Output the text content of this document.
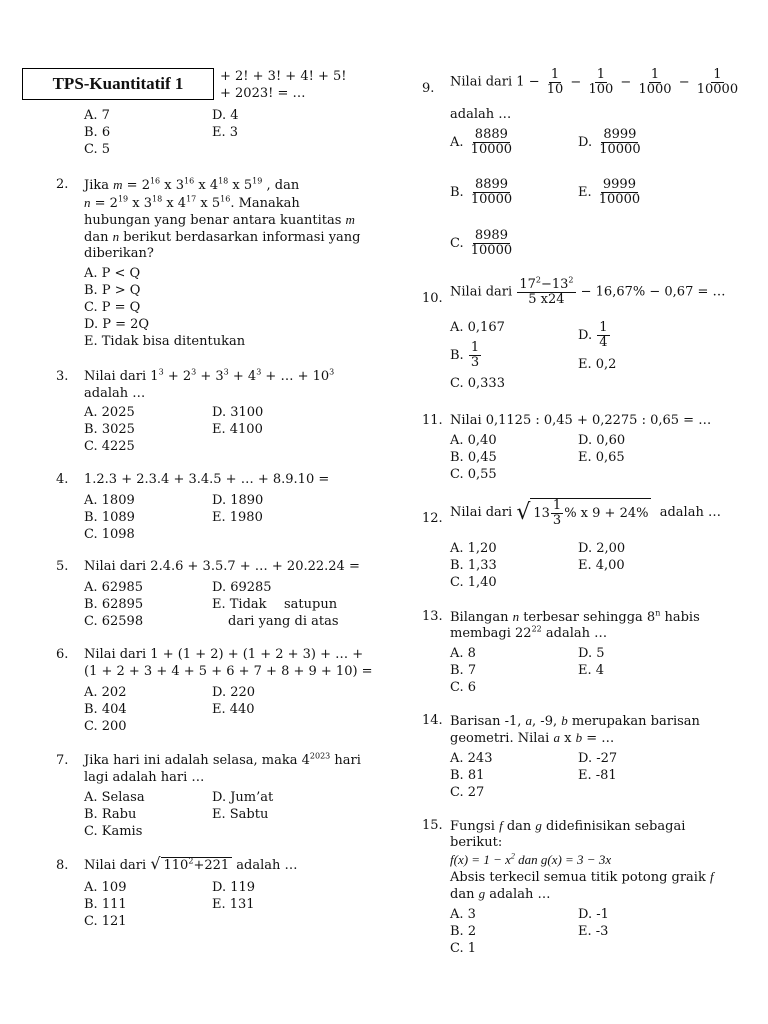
TPS-Kuantitatif 1	+ 2! + 3! + 4! + 5!
+ 2023! = …
A. 7
B. 6
C. 5
D. 4
E. 3
2. Jika $m = 2^{16}$ x $3^{16}$ x $4^{18}$ x $5^{19}$ , dan
$n = 2^{19}$ x $3^{18}$ x $4^{17}$ x $5^{16}$. Manakah
hubungan yang benar antara kuantitas m
dan n berikut berdasarkan informasi yang
diberikan?
A. P < Q
B. P > Q
C. P = Q
D. P = 2Q
E. Tidak bisa ditentukan
3. Nilai dari $1^3 + 2^3 + 3^3 + 4^3$ + … + $10^3$
adalah …
A. 2025
B. 3025
C. 4225
D. 3100
E. 4100
4. 1.2.3 + 2.3.4 + 3.4.5 + … + 8.9.10 =
A. 1809
B. 1089
C. 1098
D. 1890
E. 1980
5. Nilai dari 2.4.6 + 3.5.7 + … + 20.22.24 =
A. 62985
B. 62895
C. 62598
D. 69285
E. Tidak satupun
dari yang di atas
6. Nilai dari 1 + (1 + 2) + (1 + 2 + 3) + … +
(1 + 2 + 3 + 4 + 5 + 6 + 7 + 8 + 9 + 10) =
A. 202
B. 404
C. 200
D. 220
E. 440
7. Jika hari ini adalah selasa, maka $4^{2023}$ hari
lagi adalah hari …
A. Selasa
B. Rabu
C. Kamis
D. Jum’at
E. Sabtu
8. Nilai dari √ $110^2+221$ adalah …
A. 109
B. 111
C. 121
D. 119
E. 131
9. Nilai dari $1 - \frac{1}{10} - \frac{1}{100} - \frac{1}{1000} - \frac{1}{10000}$
adalah …
A. $\frac{8889}{10000}$
B. $\frac{8899}{10000}$
C. $\frac{8989}{10000}$
D. $\frac{8999}{10000}$
E. $\frac{9999}{10000}$
10. Nilai dari $\frac{17^2-13^2}{5 x24} - 16,67\% - 0,67$ = …
A. 0,167
B. $\frac{1}{3}$
C. 0,333
D. $\frac{1}{4}$
E. 0,2
11. Nilai 0,1125 : 0,45 + 0,2275 : 0,65 = …
A. 0,40
B. 0,45
C. 0,55
D. 0,60
E. 0,65
12. Nilai dari √ $13 \frac{1}{3}$ % x 9 + 24% adalah …
A. 1,20
B. 1,33
C. 1,40
D. 2,00
E. 4,00
13. Bilangan n terbesar sehingga 8$^n$ habis
membagi $22^{22}$ adalah …
A. 8
B. 7
C. 6
D. 5
E. 4
14. Barisan -1, a, -9, b merupakan barisan
geometri. Nilai a x b = …
A. 243
B. 81
C. 27
D. -27
E. -81
15. Fungsi f dan g didefinisikan sebagai
berikut:
$f(x) = 1 - x^2$ dan g(x) = 3 − 3x
Absis terkecil semua titik potong graik f
dan g adalah …
A. 3
B. 2
C. 1
D. -1
E. -3
